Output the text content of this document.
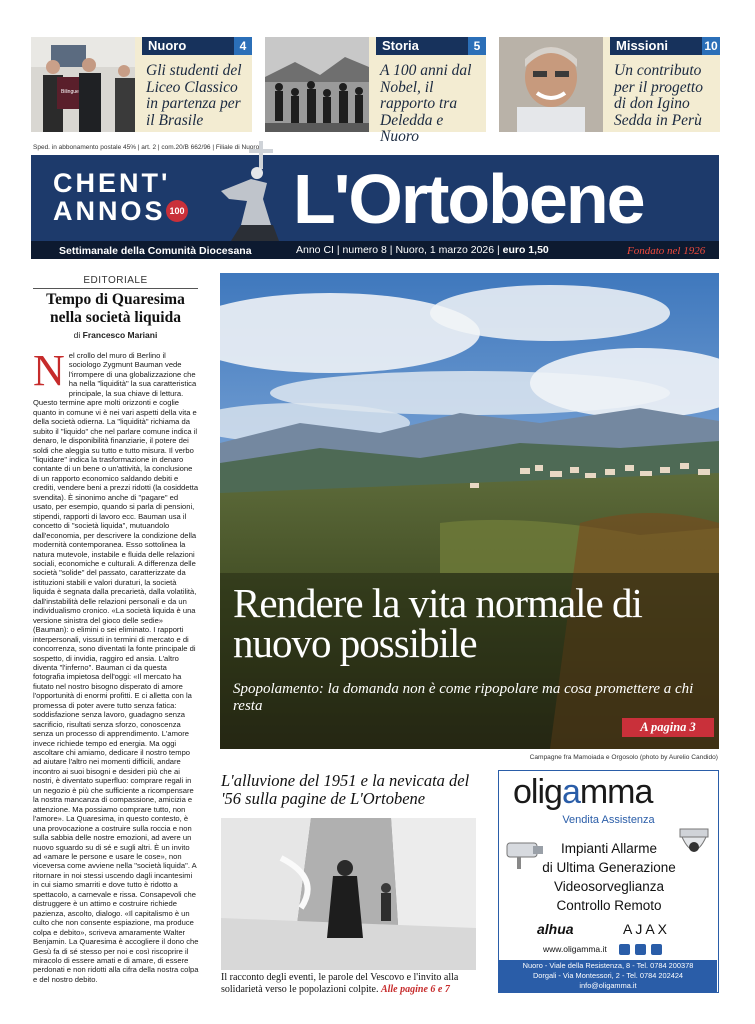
Bilingue
Nuoro	4
Gli studenti del Liceo Classico in partenza per il Brasile
Storia	5
A 100 anni dal Nobel, il rapporto tra Deledda e Nuoro
Missioni	10
Un contributo per il progetto di don Igino Sedda in Perù
Sped. in abbonamento postale 45% | art. 2 | com.20/B 662/96 | Filiale di Nuoro
CHENT'
ANNOS 100 L'Ortobene
Settimanale della Comunità Diocesana	Anno CI | numero 8 | Nuoro, 1 marzo 2026 | euro 1,50	Fondato nel 1926
EDITORIALE
Tempo di Quaresima nella società liquida
di Francesco Mariani
N el crollo del muro di Berlino il sociologo Zygmunt Bauman vede l'irrompere di una globalizzazione che ha nella "liquidità" la sua caratteristica principale, la sua chiave di lettura. Questo termine apre molti orizzonti e coglie quanto in comune vi è nei vari aspetti della vita e della società odierna. La "liquidità" richiama da subito il "liquido" che nel parlare comune indica il denaro, le disponibilità finanziarie, il potere dei soldi che aleggia su tutto e tutto misura. Il verbo "liquidare" indica la trasformazione in denaro contante di un bene o un'attività, la conclusione di un rapporto economico saldando debiti e crediti, vendere beni a prezzi ridotti (la cosiddetta svendita). È sinonimo anche di "pagare" ed usato, per esempio, quando si parla di pensioni, stipendi, rapporti di lavoro ecc. Bauman usa il concetto di "società liquida", mutuandolo dall'economia, per descrivere la condizione della modernità contemporanea. Esso sottolinea la natura mutevole, instabile e fluida delle relazioni sociali, economiche e culturali. A differenza delle società "solide" del passato, caratterizzate da istituzioni stabili e valori duraturi, la società liquida è segnata dalla precarietà, dalla volatilità, dall'instabilità delle relazioni personali e da un individualismo cronico. «La società liquida è una versione sinistra del gioco delle sedie» (Bauman): o elimini o sei eliminato. I rapporti interpersonali, vissuti in termini di mercato e di concorrenza, sono diventati la fonte principale di sospetto, di invidia, raggiro ed ansia. L'altro diventa "l'inferno". Bauman ci da questa fotografia impietosa dell'oggi: «Il mercato ha fiutato nel nostro bisogno disperato di amore l'opportunità di enormi profitti. E ci alletta con la promessa di poter avere tutto senza fatica: soddisfazione senza lavoro, guadagno senza sacrificio, risultati senza sforzo, conoscenza senza un processo di apprendimento. L'amore invece richiede tempo ed energia. Ma oggi ascoltare chi amiamo, dedicare il nostro tempo ad aiutare l'altro nei momenti difficili, andare incontro ai suoi bisogni e desideri più che ai nostri, è diventato superfluo: comprare regali in un negozio è più che sufficiente a ricompensare la nostra mancanza di compassione, amicizia e attenzione. Ma possiamo comprare tutto, non l'amore». La Quaresima, in questo contesto, è una provocazione a costruire sulla roccia e non sulla sabbia delle nostre emozioni, ad avere un nuovo sguardo su di sé e sugli altri. È un invito ad «amare le persone e usare le cose», non viceversa come avviene nella "società liquida". A ritornare in noi stessi uscendo dagli incantesimi in cui siamo smarriti e dove tutto è ridotto a spettacolo, a carnevale e rissa. Consapevoli che distruggere è un attimo e costruire richiede pazienza, ascolto, dialogo. «Il capitalismo è un culto che non consente espiazione, ma produce colpa e debito», scriveva amaramente Walter Benjamin. La Quaresima è accogliere il dono che Gesù fa di sé stesso per noi e così riscoprire il miracolo di essere amati e di amare, di essere perdonati e non ridotti alla cifra della nostra colpa e del nostro debito.

Rendere la vita normale di nuovo possibile
Spopolamento: la domanda non è come ripopolare ma cosa promettere a chi resta
A pagina 3
Campagne fra Mamoiada e Orgosolo (photo by Aurelio Candido)
L'alluvione del 1951 e la nevicata del '56 sulla pagine de L'Ortobene
Il racconto degli eventi, le parole del Vescovo e l'invito alla solidarietà verso le popolazioni colpite. Alle pagine 6 e 7
oligamma
Vendita Assistenza
Impianti Allarme
di Ultima Generazione
Videosorveglianza
Controllo Remoto
alhua	AJAX
www.oligamma.it
Nuoro - Viale della Resistenza, 8 - Tel. 0784 200378
Dorgali - Via Montessori, 2 - Tel. 0784 202424
info@oligamma.it
